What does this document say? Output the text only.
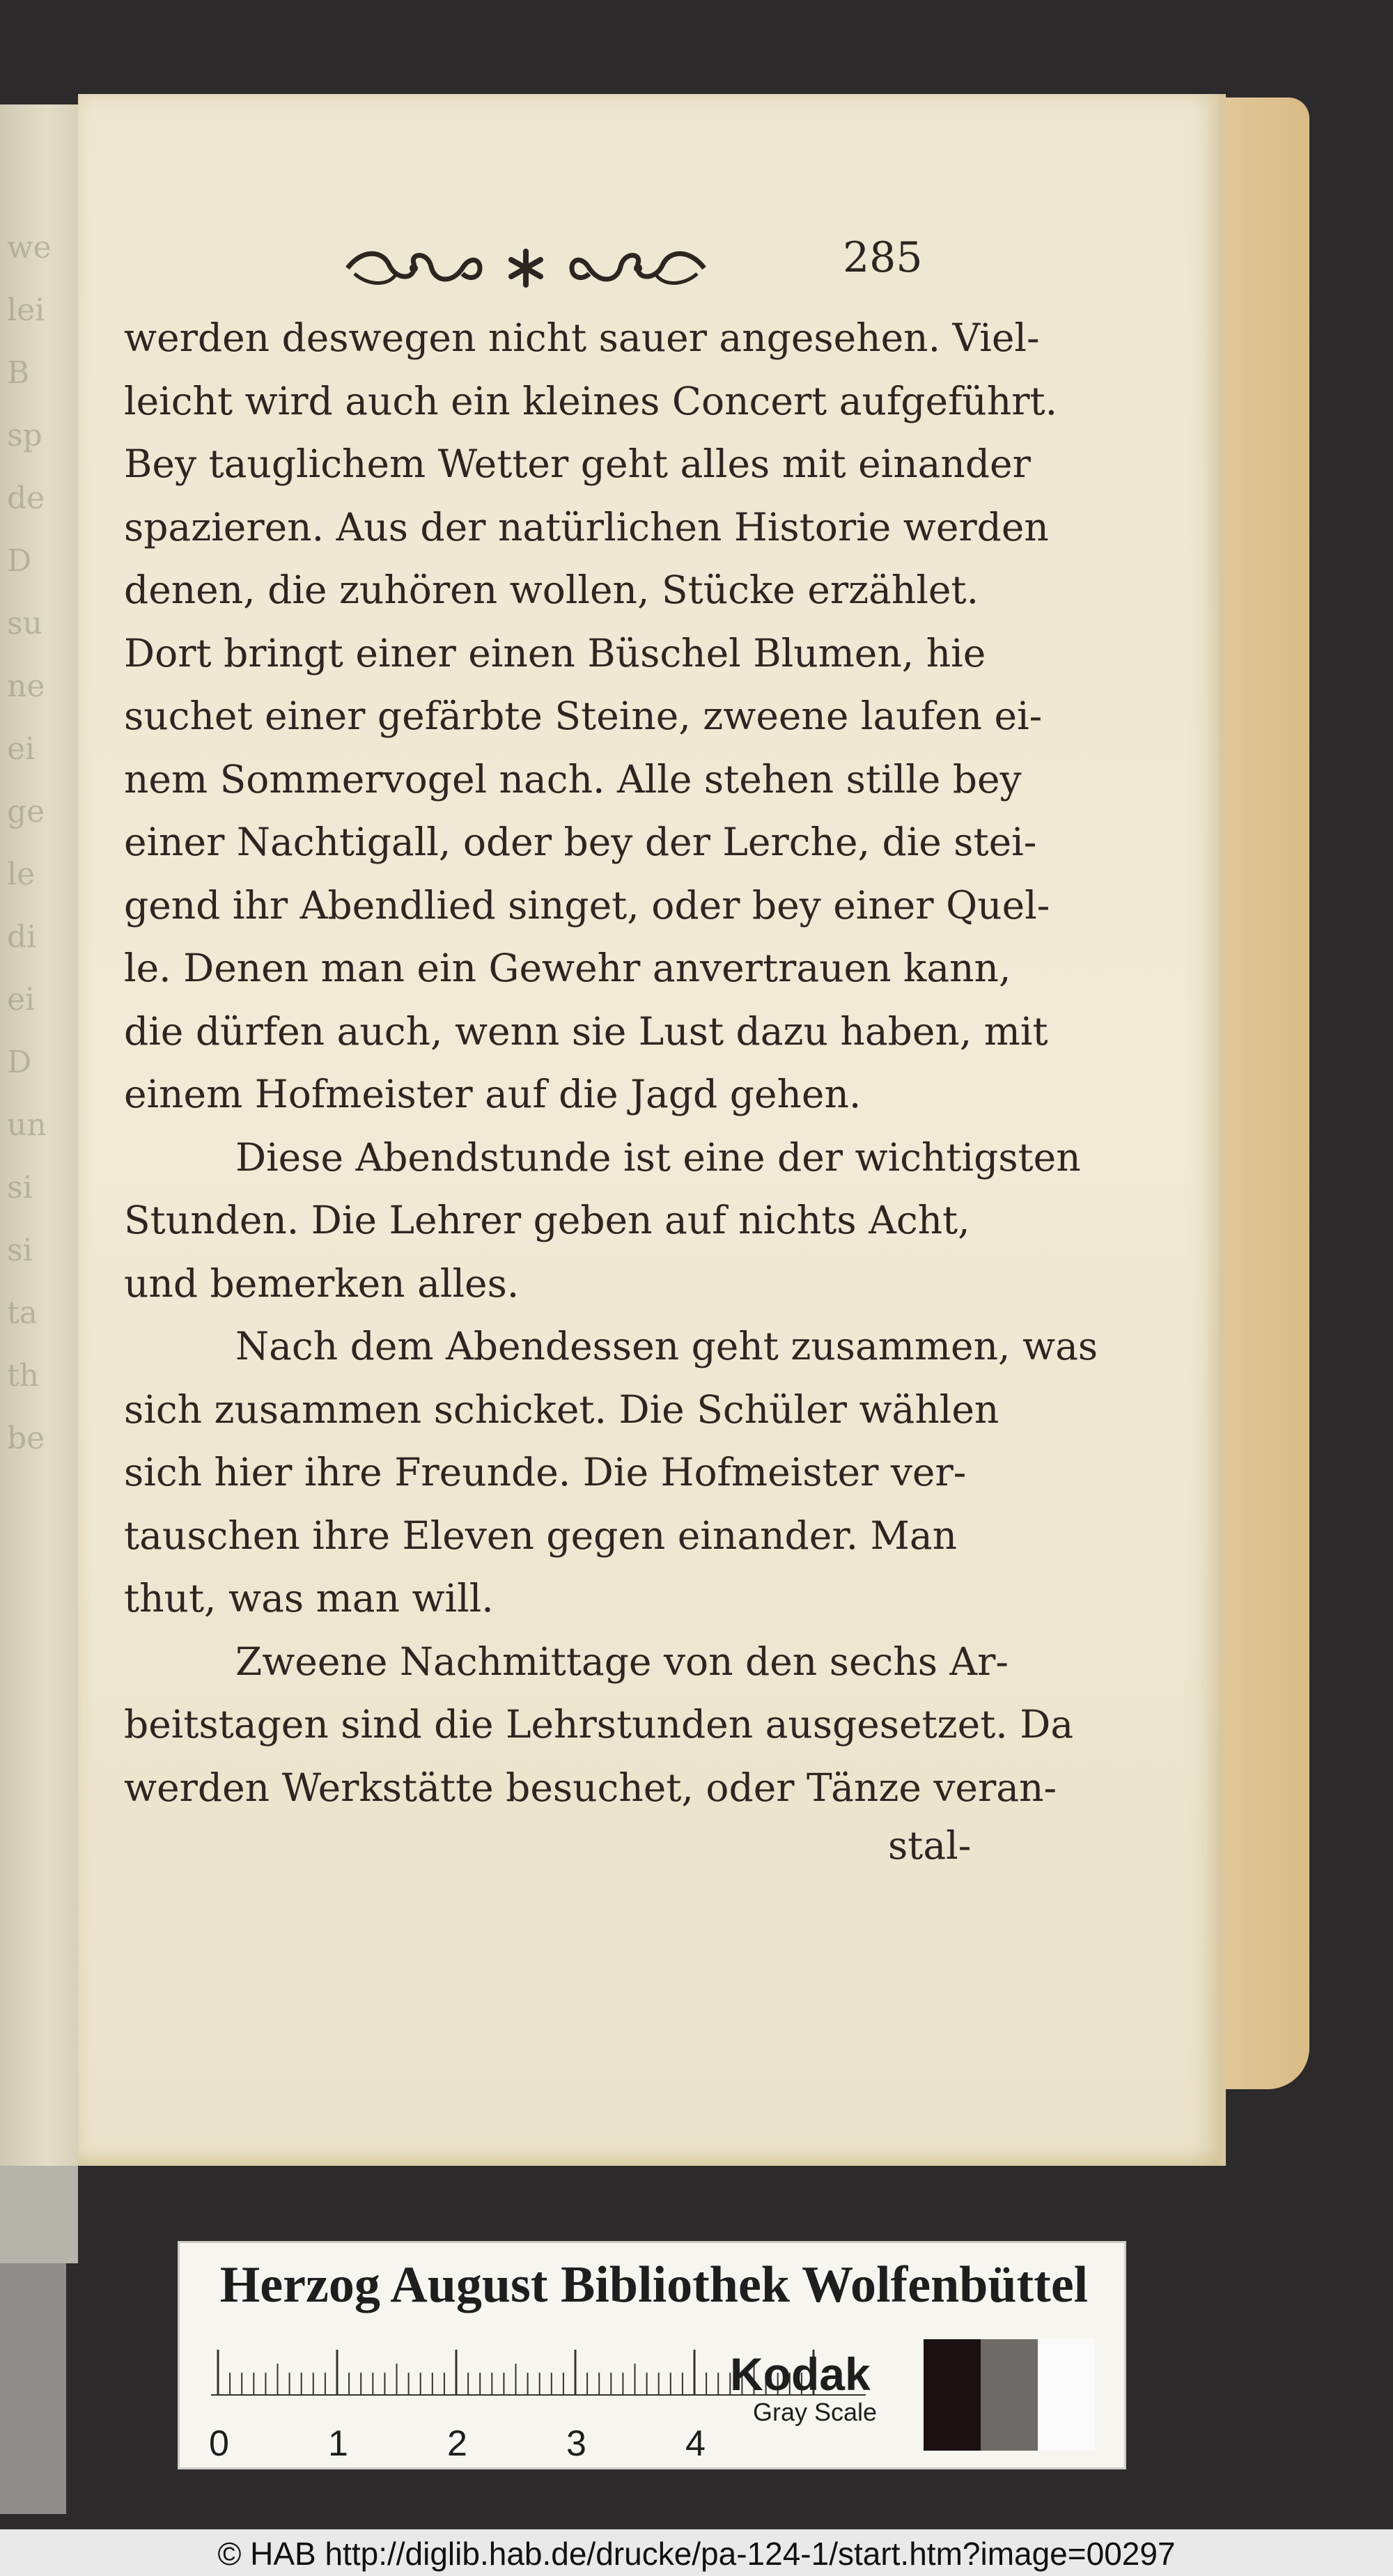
we
lei
B
sp
de
D
su
ne
ei
ge
le
di
ei
D
un
si
si
ta
th
be
285
werden deswegen nicht sauer angesehen. Viel-
leicht wird auch ein kleines Concert aufgeführt.
Bey tauglichem Wetter geht alles mit einander
spazieren. Aus der natürlichen Historie werden
denen, die zuhören wollen, Stücke erzählet.
Dort bringt einer einen Büschel Blumen, hie
suchet einer gefärbte Steine, zweene laufen ei-
nem Sommervogel nach. Alle stehen stille bey
einer Nachtigall, oder bey der Lerche, die stei-
gend ihr Abendlied singet, oder bey einer Quel-
le. Denen man ein Gewehr anvertrauen kann,
die dürfen auch, wenn sie Lust dazu haben, mit
einem Hofmeister auf die Jagd gehen.
Diese Abendstunde ist eine der wichtigsten
Stunden. Die Lehrer geben auf nichts Acht,
und bemerken alles.
Nach dem Abendessen geht zusammen, was
sich zusammen schicket. Die Schüler wählen
sich hier ihre Freunde. Die Hofmeister ver-
tauschen ihre Eleven gegen einander. Man
thut, was man will.
Zweene Nachmittage von den sechs Ar-
beitstagen sind die Lehrstunden ausgesetzet. Da
werden Werkstätte besuchet, oder Tänze veran-
stal-
Herzog August Bibliothek Wolfenbüttel
0	1	2	3	4
Kodak
Gray Scale
© HAB http://diglib.hab.de/drucke/pa-124-1/start.htm?image=00297
